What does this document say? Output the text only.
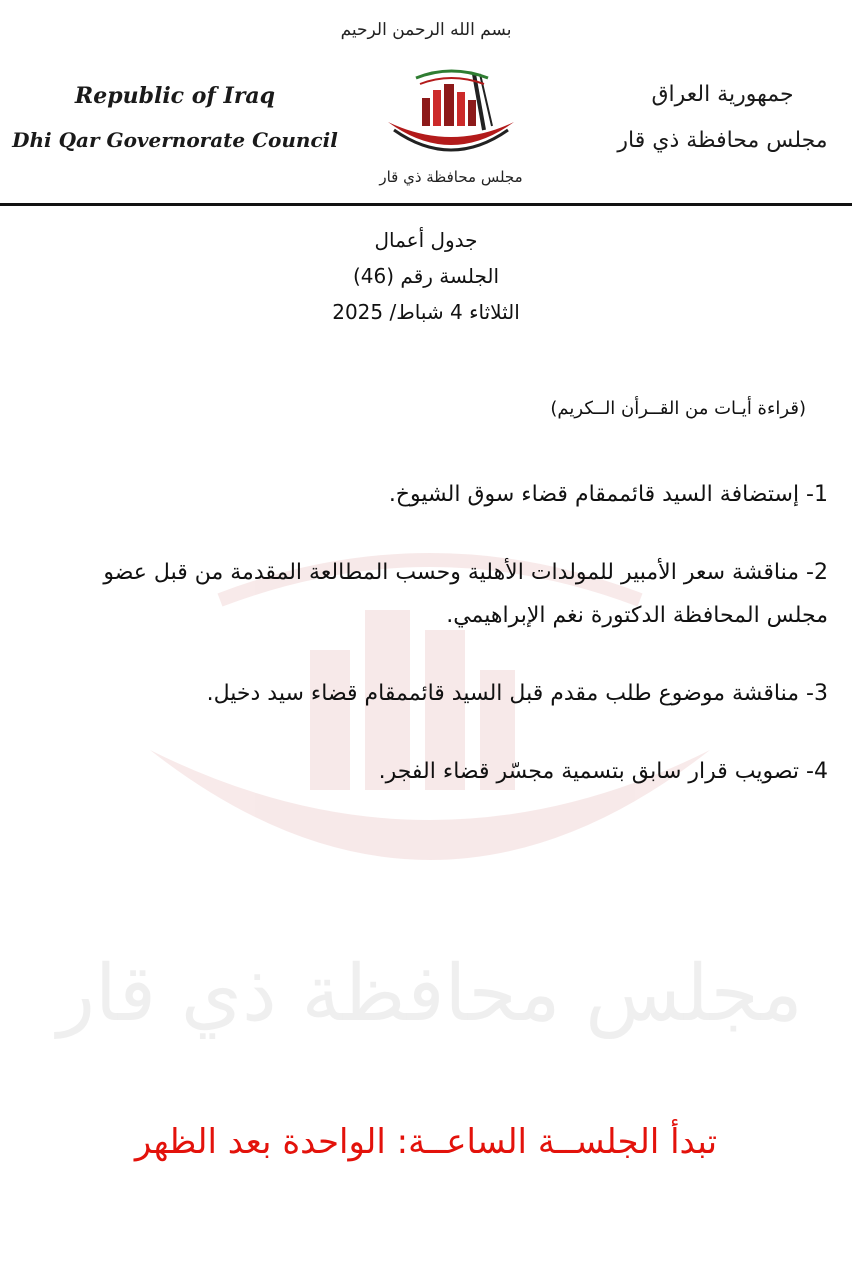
بسم الله الرحمن الرحيم
Republic of Iraq
Dhi Qar Governorate Council
جمهورية العراق
مجلس محافظة ذي قار
مجلس محافظة ذي قار
مجلس محافظة ذي قار
جدول أعمال
الجلسة رقم (46)
الثلاثاء 4 شباط/ 2025
(قراءة أيـات من القــرأن الــكريم)
1- إستضافة السيد قائممقام قضاء سوق الشيوخ.
2- مناقشة سعر الأمبير للمولدات الأهلية وحسب المطالعة المقدمة من قبل عضو مجلس المحافظة الدكتورة نغم الإبراهيمي.
3- مناقشة موضوع طلب مقدم قبل السيد قائممقام قضاء سيد دخيل.
4- تصويب قرار سابق بتسمية مجسّر قضاء الفجر.
تبدأ الجلســة الساعــة: الواحدة بعد الظهر
